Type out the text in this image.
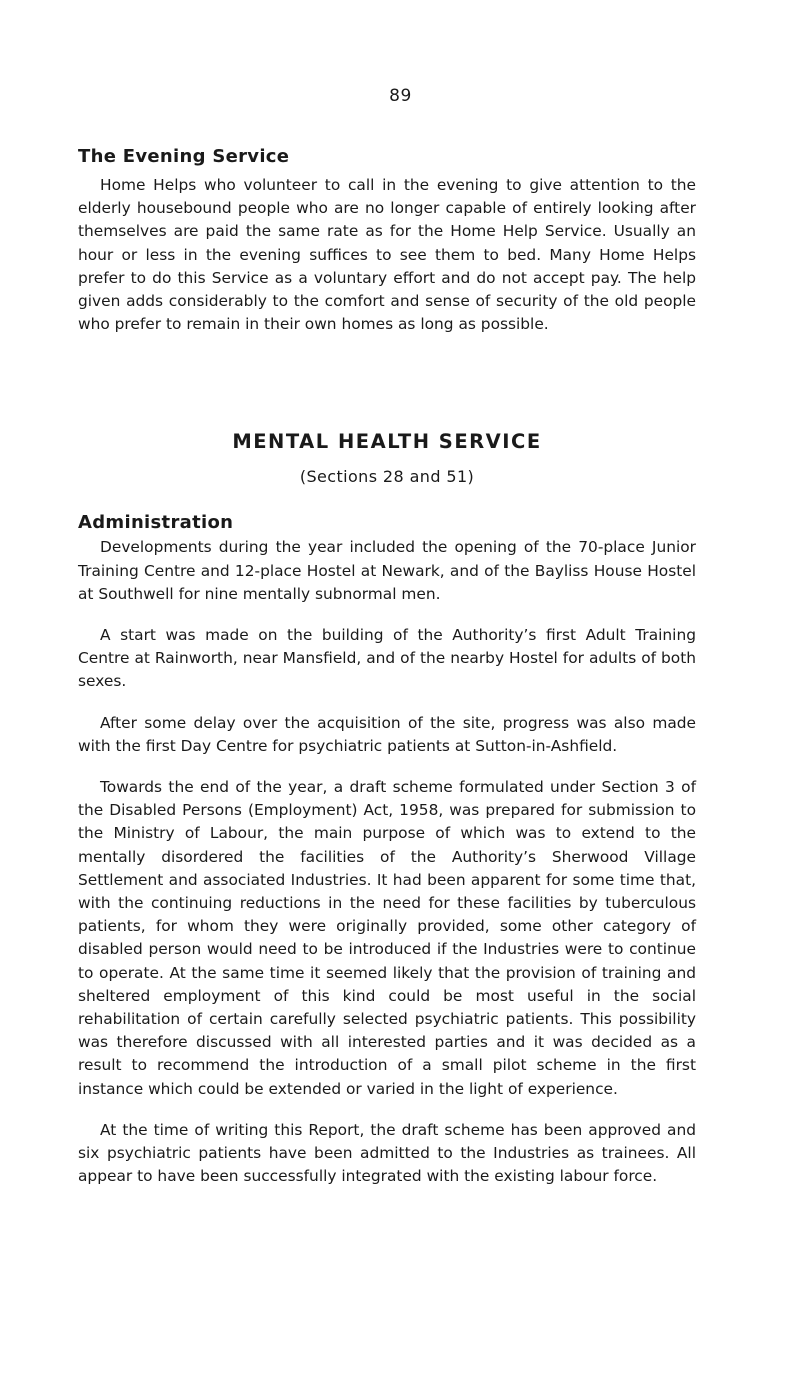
89
The Evening Service

Home Helps who volunteer to call in the evening to give attention to the elderly housebound people who are no longer capable of entirely looking after themselves are paid the same rate as for the Home Help Service. Usually an hour or less in the evening suffices to see them to bed. Many Home Helps prefer to do this Service as a voluntary effort and do not accept pay. The help given adds considerably to the comfort and sense of security of the old people who prefer to remain in their own homes as long as possible.

MENTAL HEALTH SERVICE
(Sections 28 and 51)
Administration

Developments during the year included the opening of the 70-place Junior Training Centre and 12-place Hostel at Newark, and of the Bayliss House Hostel at Southwell for nine mentally subnormal men.

A start was made on the building of the Authority’s first Adult Training Centre at Rainworth, near Mansfield, and of the nearby Hostel for adults of both sexes.

After some delay over the acquisition of the site, progress was also made with the first Day Centre for psychiatric patients at Sutton-in-Ashfield.

Towards the end of the year, a draft scheme formulated under Section 3 of the Disabled Persons (Employment) Act, 1958, was prepared for submission to the Ministry of Labour, the main purpose of which was to extend to the mentally disordered the facilities of the Authority’s Sherwood Village Settlement and associated Industries. It had been apparent for some time that, with the continuing reductions in the need for these facilities by tuberculous patients, for whom they were originally provided, some other category of disabled person would need to be introduced if the Industries were to continue to operate. At the same time it seemed likely that the provision of training and sheltered employment of this kind could be most useful in the social rehabilitation of certain carefully selected psychiatric patients. This possibility was therefore discussed with all interested parties and it was decided as a result to recommend the introduction of a small pilot scheme in the first instance which could be extended or varied in the light of experience.

At the time of writing this Report, the draft scheme has been approved and six psychiatric patients have been admitted to the Industries as trainees. All appear to have been successfully integrated with the existing labour force.
